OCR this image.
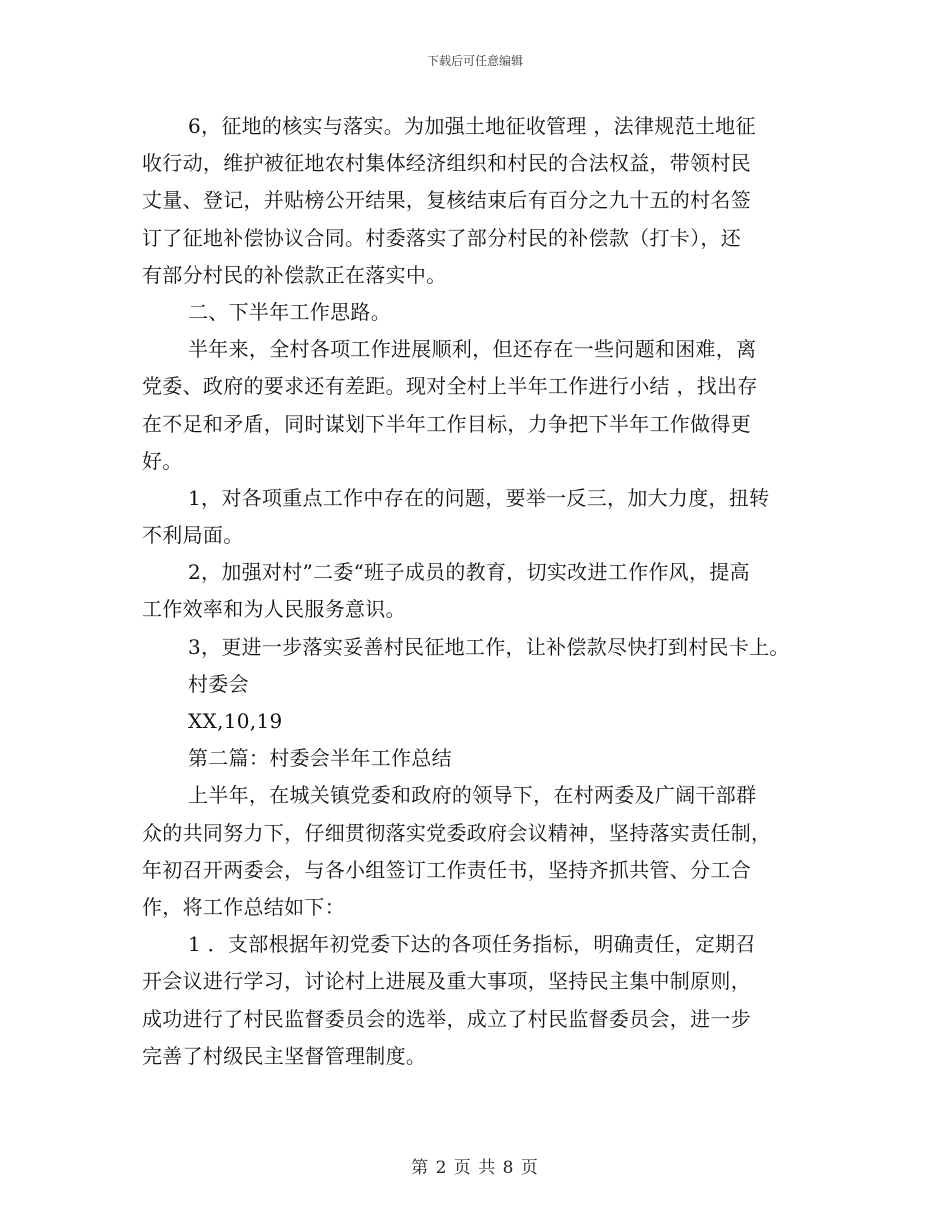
下载后可任意编辑
6，征地的核实与落实。为加强土地征收管理 ，法律规范土地征
收行动，维护被征地农村集体经济组织和村民的合法权益，带领村民
丈量、登记，并贴榜公开结果，复核结束后有百分之九十五的村名签
订了征地补偿协议合同。村委落实了部分村民的补偿款（打卡），还
有部分村民的补偿款正在落实中。
二、下半年工作思路。
半年来，全村各项工作进展顺利，但还存在一些问题和困难，离
党委、政府的要求还有差距。现对全村上半年工作进行小结 ，找出存
在不足和矛盾，同时谋划下半年工作目标，力争把下半年工作做得更
好。
1，对各项重点工作中存在的问题，要举一反三，加大力度，扭转
不利局面。
2，加强对村”二委“班子成员的教育，切实改进工作作风，提高
工作效率和为人民服务意识。
3，更进一步落实妥善村民征地工作，让补偿款尽快打到村民卡上。
村委会
XX,10,19
第二篇：村委会半年工作总结
上半年，在城关镇党委和政府的领导下，在村两委及广阔干部群
众的共同努力下，仔细贯彻落实党委政府会议精神，坚持落实责任制，
年初召开两委会，与各小组签订工作责任书，坚持齐抓共管、分工合
作，将工作总结如下：
1 ．支部根据年初党委下达的各项任务指标，明确责任，定期召
开会议进行学习，讨论村上进展及重大事项，坚持民主集中制原则，
成功进行了村民监督委员会的选举，成立了村民监督委员会，进一步
完善了村级民主坚督管理制度。
第 2 页 共 8 页
